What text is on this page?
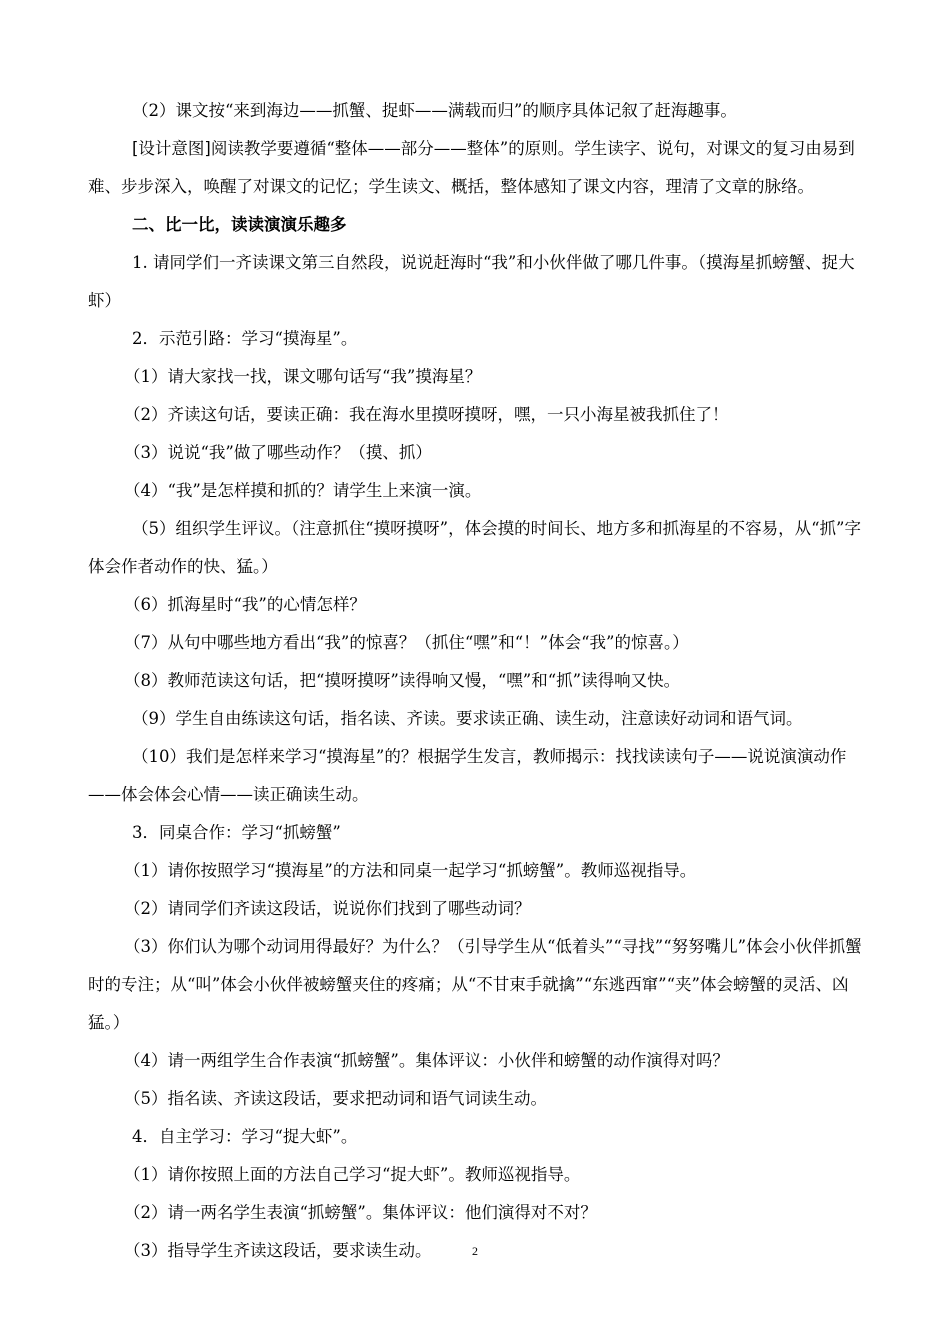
（2）课文按“来到海边——抓蟹、捉虾——满载而归”的顺序具体记叙了赶海趣事。

[设计意图]阅读教学要遵循“整体——部分——整体”的原则。学生读字、说句，对课文的复习由易到难、步步深入，唤醒了对课文的记忆；学生读文、概括，整体感知了课文内容，理清了文章的脉络。

二、比一比，读读演演乐趣多

1. 请同学们一齐读课文第三自然段，说说赶海时“我”和小伙伴做了哪几件事。（摸海星抓螃蟹、捉大虾）

2．示范引路：学习“摸海星”。

（1）请大家找一找，课文哪句话写“我”摸海星？

（2）齐读这句话，要读正确：我在海水里摸呀摸呀，嘿，一只小海星被我抓住了！

（3）说说“我”做了哪些动作？（摸、抓）

（4）“我”是怎样摸和抓的？请学生上来演一演。

（5）组织学生评议。（注意抓住“摸呀摸呀”，体会摸的时间长、地方多和抓海星的不容易，从“抓”字体会作者动作的快、猛。）

（6）抓海星时“我”的心情怎样？

（7）从句中哪些地方看出“我”的惊喜？（抓住“嘿”和“！”体会“我”的惊喜。）

（8）教师范读这句话，把“摸呀摸呀”读得响又慢，“嘿”和“抓”读得响又快。

（9）学生自由练读这句话，指名读、齐读。要求读正确、读生动，注意读好动词和语气词。

（10）我们是怎样来学习“摸海星”的？根据学生发言，教师揭示：找找读读句子——说说演演动作——体会体会心情——读正确读生动。

3．同桌合作：学习“抓螃蟹”

（1）请你按照学习“摸海星”的方法和同桌一起学习“抓螃蟹”。教师巡视指导。

（2）请同学们齐读这段话，说说你们找到了哪些动词？

（3）你们认为哪个动词用得最好？为什么？（引导学生从“低着头”“寻找”“努努嘴儿”体会小伙伴抓蟹时的专注；从“叫”体会小伙伴被螃蟹夹住的疼痛；从“不甘束手就擒”“东逃西窜”“夹”体会螃蟹的灵活、凶猛。）

（4）请一两组学生合作表演“抓螃蟹”。集体评议：小伙伴和螃蟹的动作演得对吗？

（5）指名读、齐读这段话，要求把动词和语气词读生动。

4．自主学习：学习“捉大虾”。

（1）请你按照上面的方法自己学习“捉大虾”。教师巡视指导。

（2）请一两名学生表演“抓螃蟹”。集体评议：他们演得对不对？

（3）指导学生齐读这段话，要求读生动。	2
